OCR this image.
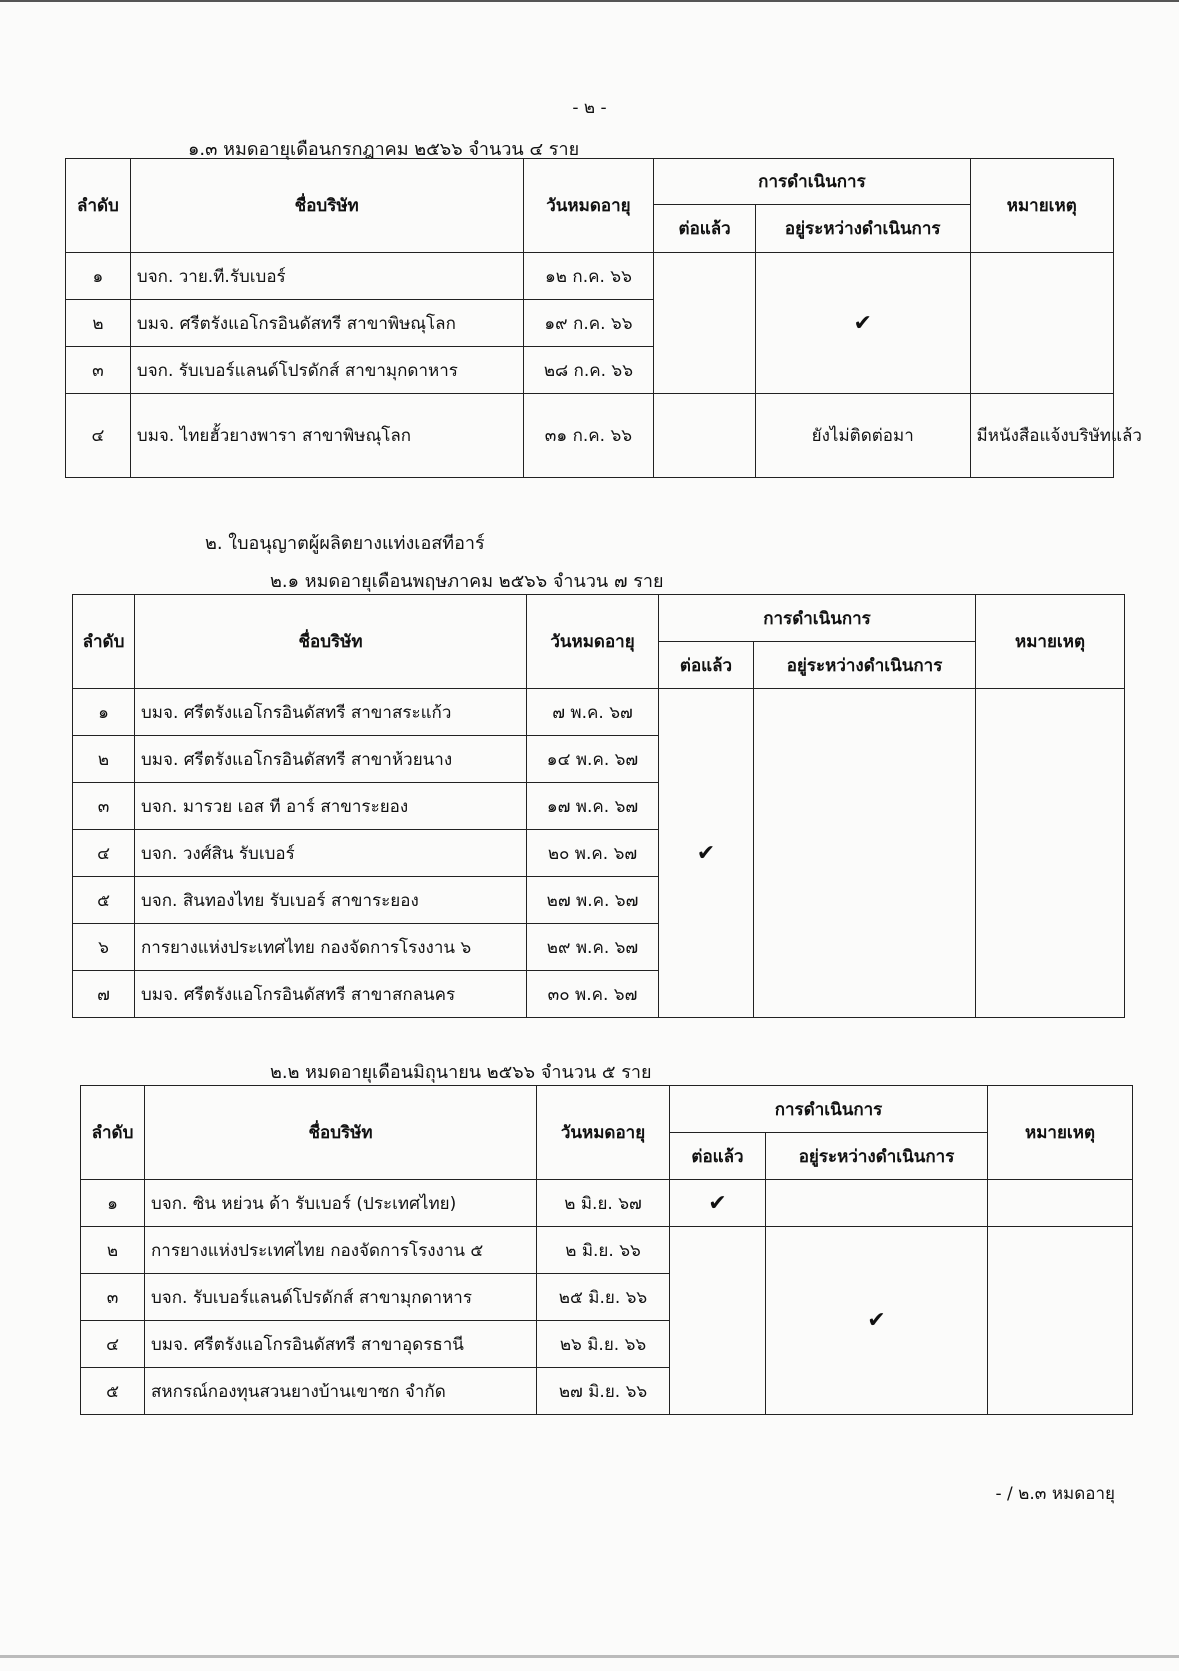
- ๒ -
๑.๓ หมดอายุเดือนกรกฎาคม ๒๕๖๖ จำนวน ๔ ราย
ลำดับ	ชื่อบริษัท	วันหมดอายุ	การดำเนินการ		หมายเหตุ
			ต่อแล้ว	อยู่ระหว่างดำเนินการ	
๑	บจก. วาย.ที.รับเบอร์	๑๒ ก.ค. ๖๖		✔	
๒	บมจ. ศรีตรังแอโกรอินดัสทรี สาขาพิษณุโลก	๑๙ ก.ค. ๖๖			
๓	บจก. รับเบอร์แลนด์โปรดักส์ สาขามุกดาหาร	๒๘ ก.ค. ๖๖			
๔	บมจ. ไทยฮั้วยางพารา สาขาพิษณุโลก	๓๑ ก.ค. ๖๖		ยังไม่ติดต่อมา	มีหนังสือแจ้งบริษัทแล้ว
๒. ใบอนุญาตผู้ผลิตยางแท่งเอสทีอาร์
๒.๑ หมดอายุเดือนพฤษภาคม ๒๕๖๖ จำนวน ๗ ราย
ลำดับ	ชื่อบริษัท	วันหมดอายุ	การดำเนินการ		หมายเหตุ
			ต่อแล้ว	อยู่ระหว่างดำเนินการ	
๑	บมจ. ศรีตรังแอโกรอินดัสทรี สาขาสระแก้ว	๗ พ.ค. ๖๗	✔		
๒	บมจ. ศรีตรังแอโกรอินดัสทรี สาขาห้วยนาง	๑๔ พ.ค. ๖๗			
๓	บจก. มารวย เอส ที อาร์ สาขาระยอง	๑๗ พ.ค. ๖๗			
๔	บจก. วงศ์สิน รับเบอร์	๒๐ พ.ค. ๖๗			
๕	บจก. สินทองไทย รับเบอร์ สาขาระยอง	๒๗ พ.ค. ๖๗			
๖	การยางแห่งประเทศไทย กองจัดการโรงงาน ๖	๒๙ พ.ค. ๖๗			
๗	บมจ. ศรีตรังแอโกรอินดัสทรี สาขาสกลนคร	๓๐ พ.ค. ๖๗			
๒.๒ หมดอายุเดือนมิถุนายน ๒๕๖๖ จำนวน ๕ ราย
ลำดับ	ชื่อบริษัท	วันหมดอายุ	การดำเนินการ		หมายเหตุ
			ต่อแล้ว	อยู่ระหว่างดำเนินการ	
๑	บจก. ซิน หย่วน ด้า รับเบอร์ (ประเทศไทย)	๒ มิ.ย. ๖๗	✔		
๒	การยางแห่งประเทศไทย กองจัดการโรงงาน ๕	๒ มิ.ย. ๖๖		✔	
๓	บจก. รับเบอร์แลนด์โปรดักส์ สาขามุกดาหาร	๒๕ มิ.ย. ๖๖			
๔	บมจ. ศรีตรังแอโกรอินดัสทรี สาขาอุดรธานี	๒๖ มิ.ย. ๖๖			
๕	สหกรณ์กองทุนสวนยางบ้านเขาซก จำกัด	๒๗ มิ.ย. ๖๖			
- / ๒.๓ หมดอายุ
